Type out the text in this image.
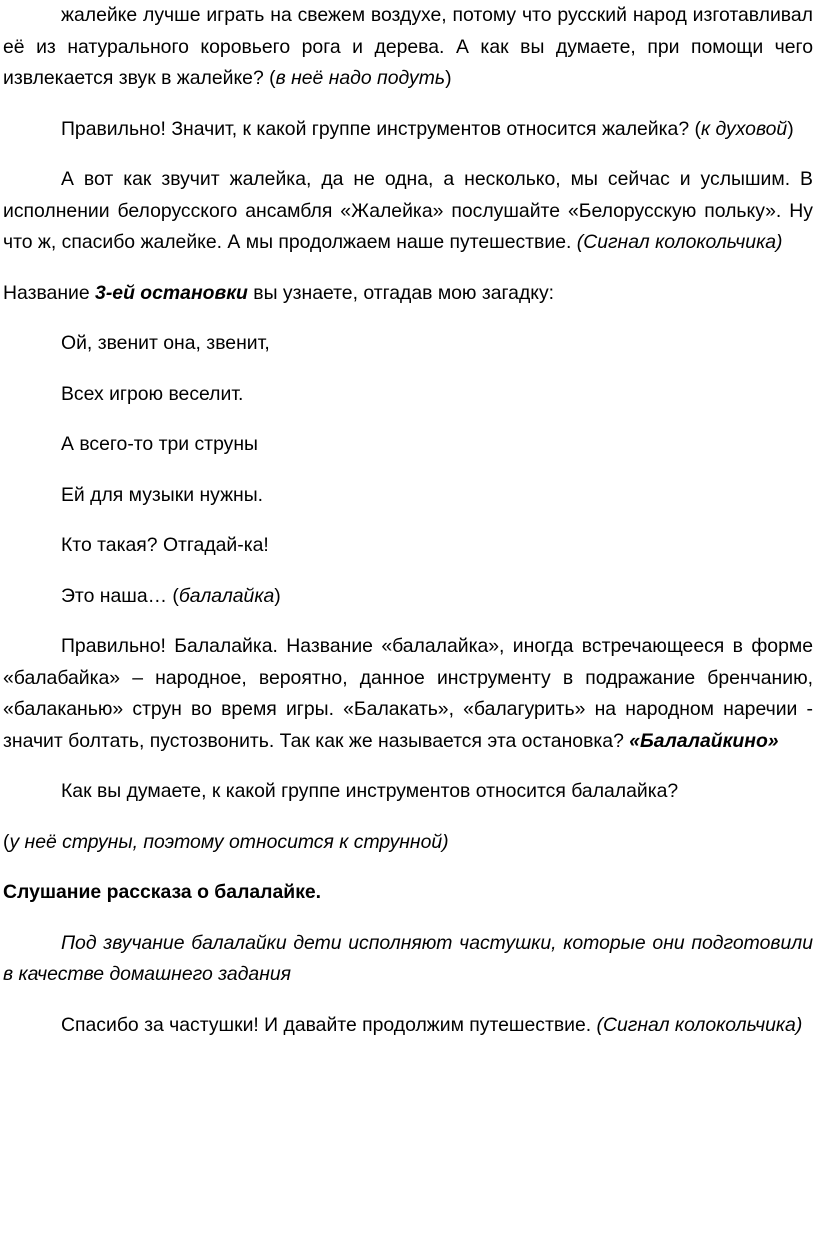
жалейке лучше играть на свежем воздухе, потому что русский народ изготавливал её из натурального коровьего рога и дерева. А как вы думаете, при помощи чего извлекается звук в жалейке? (в неё надо подуть)

Правильно! Значит, к какой группе инструментов относится жалейка? (к духовой)

А вот как звучит жалейка, да не одна, а несколько, мы сейчас и услышим. В исполнении белорусского ансамбля «Жалейка» послушайте «Белорусскую польку». Ну что ж, спасибо жалейке. А мы продолжаем наше путешествие. (Сигнал колокольчика)

Название 3-ей остановки вы узнаете, отгадав мою загадку:

Ой, звенит она, звенит,

Всех игрою веселит.

А всего-то три струны

Ей для музыки нужны.

Кто такая? Отгадай-ка!

Это наша… (балалайка)

Правильно! Балалайка. Название «балалайка», иногда встречающееся в форме «балабайка» – народное, вероятно, данное инструменту в подражание бренчанию, «балаканью» струн во время игры. «Балакать», «балагурить» на народном наречии - значит болтать, пустозвонить. Так как же называется эта остановка? «Балалайкино»

Как вы думаете, к какой группе инструментов относится балалайка?

(у неё струны, поэтому относится к струнной)

Слушание рассказа о балалайке.

Под звучание балалайки дети исполняют частушки, которые они подготовили в качестве домашнего задания

Спасибо за частушки! И давайте продолжим путешествие. (Сигнал колокольчика)
